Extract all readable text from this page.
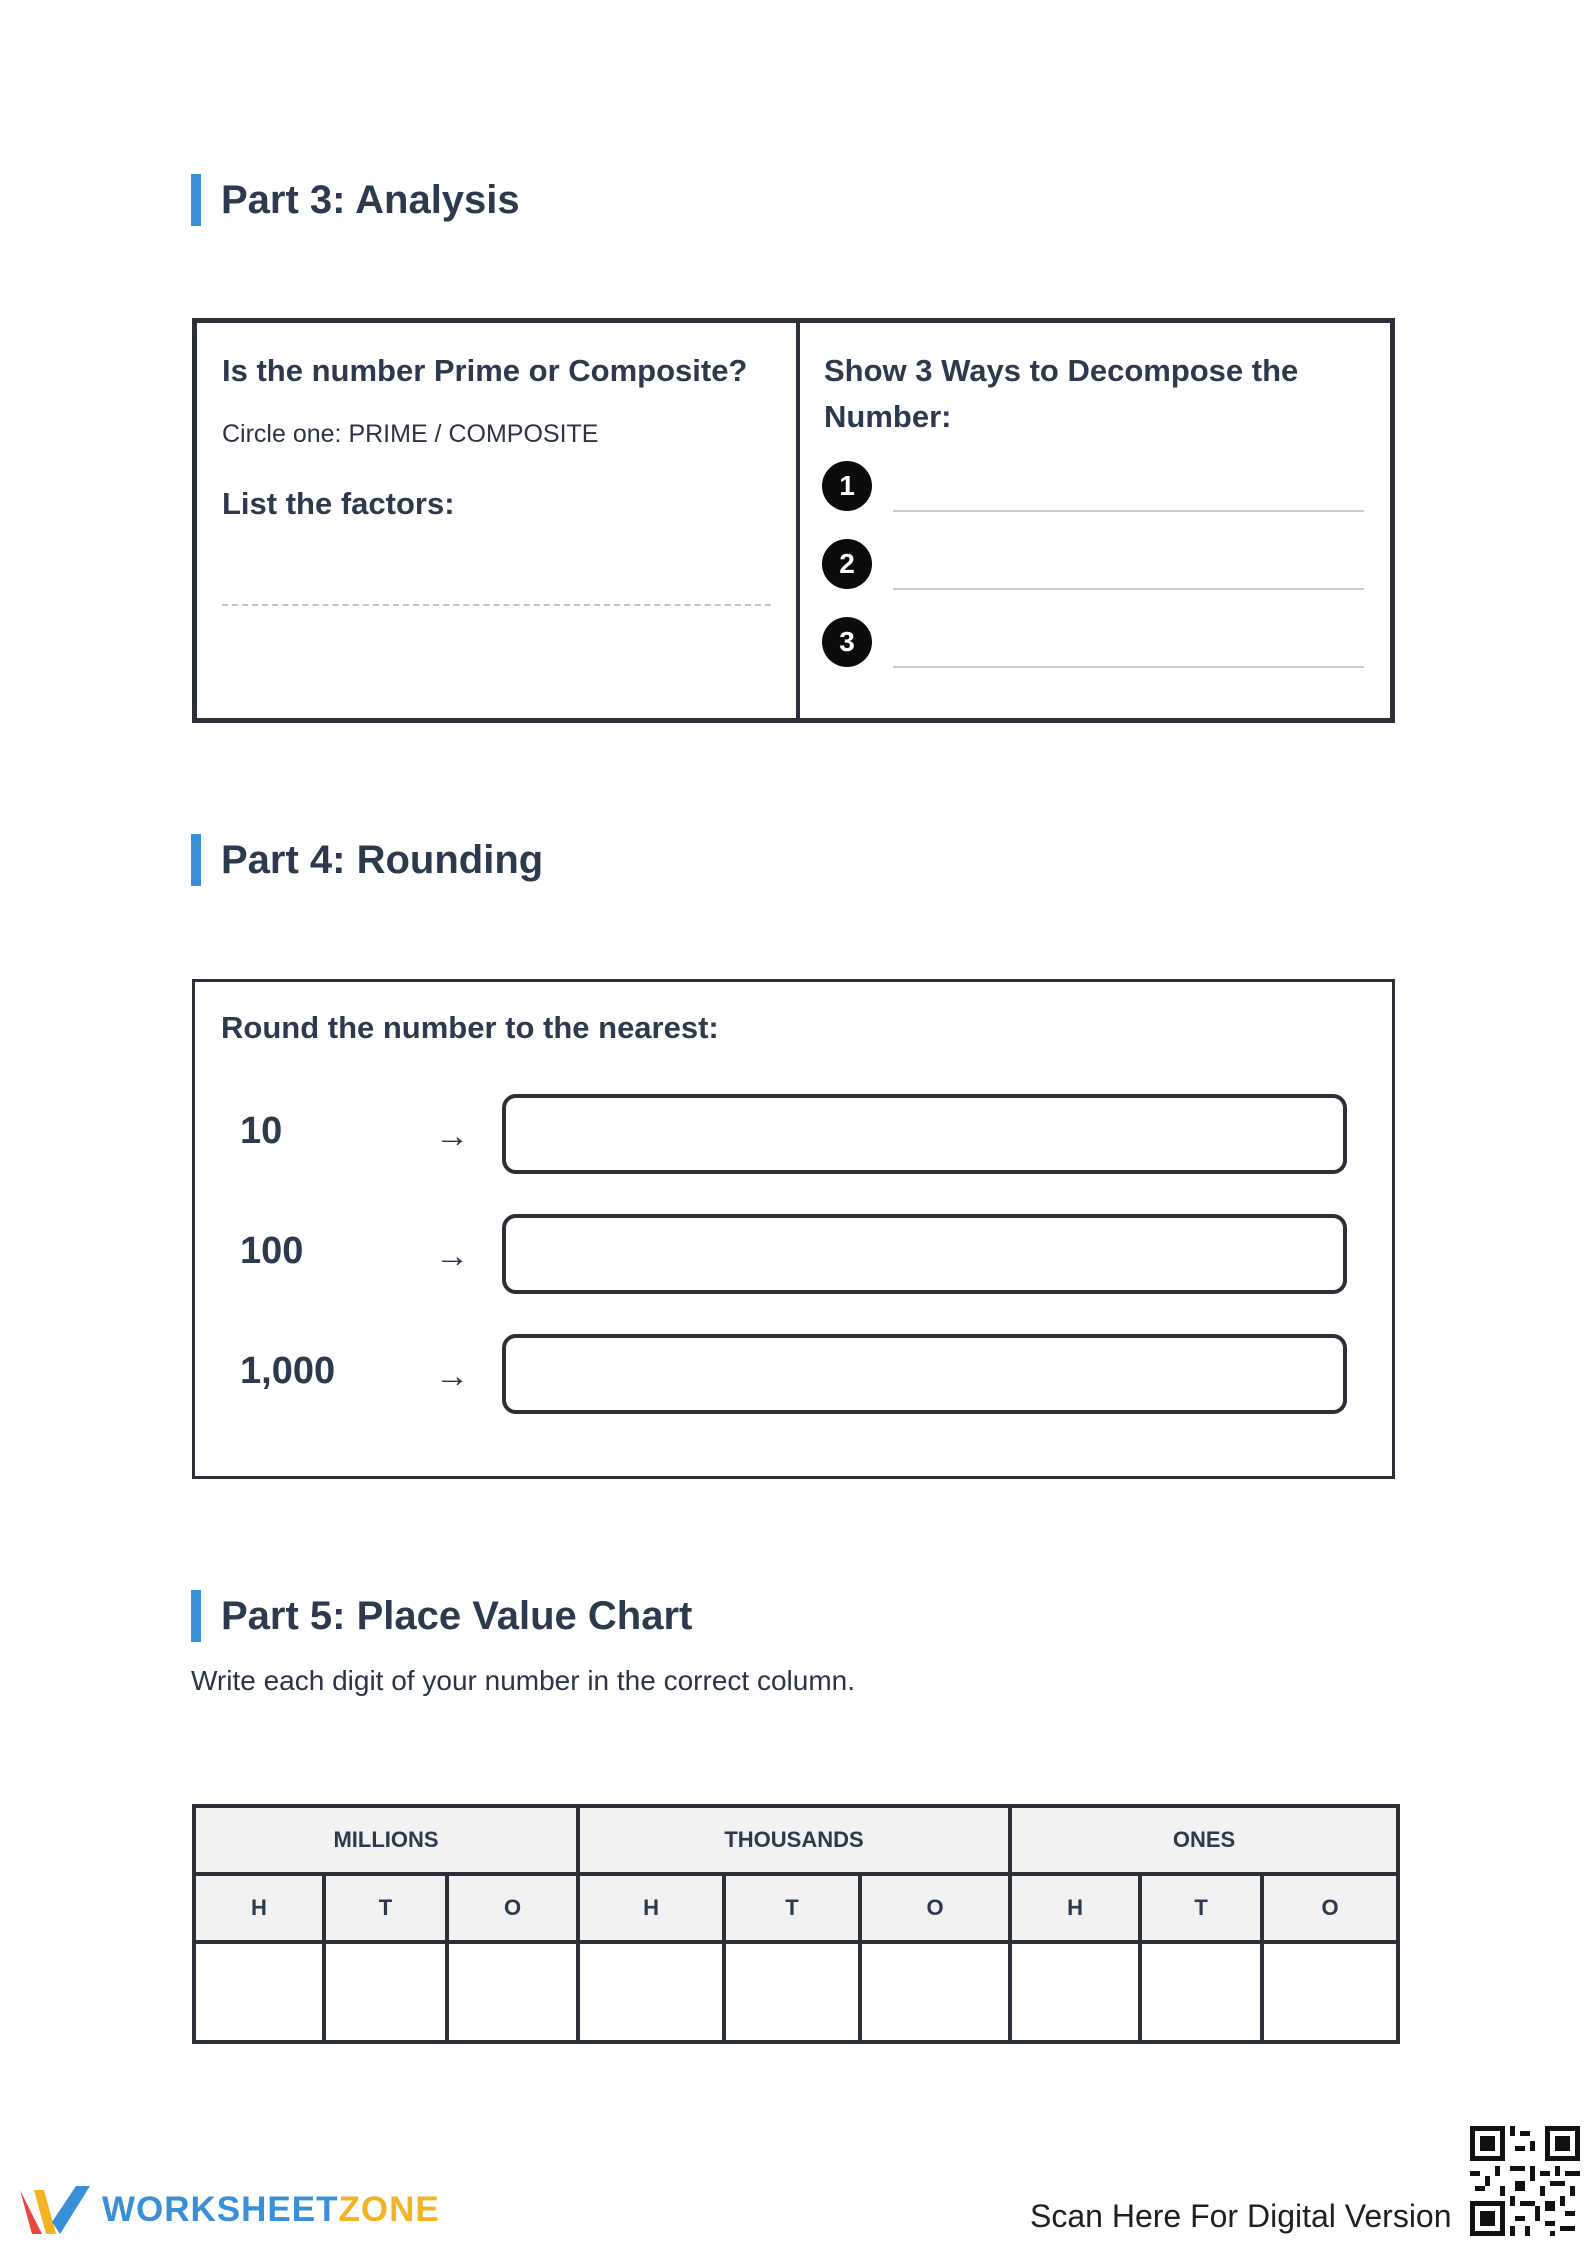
Part 3: Analysis
Is the number Prime or Composite?
Circle one: PRIME / COMPOSITE
List the factors:
Show 3 Ways to Decompose the Number:
1
2
3
Part 4: Rounding
Round the number to the nearest:
10	→
100	→
1,000	→
Part 5: Place Value Chart
Write each digit of your number in the correct column.
MILLIONS			THOUSANDS			ONES		
H	T	O	H	T	O	H	T	O

WORKSHEETZONE	Scan Here For Digital Version
